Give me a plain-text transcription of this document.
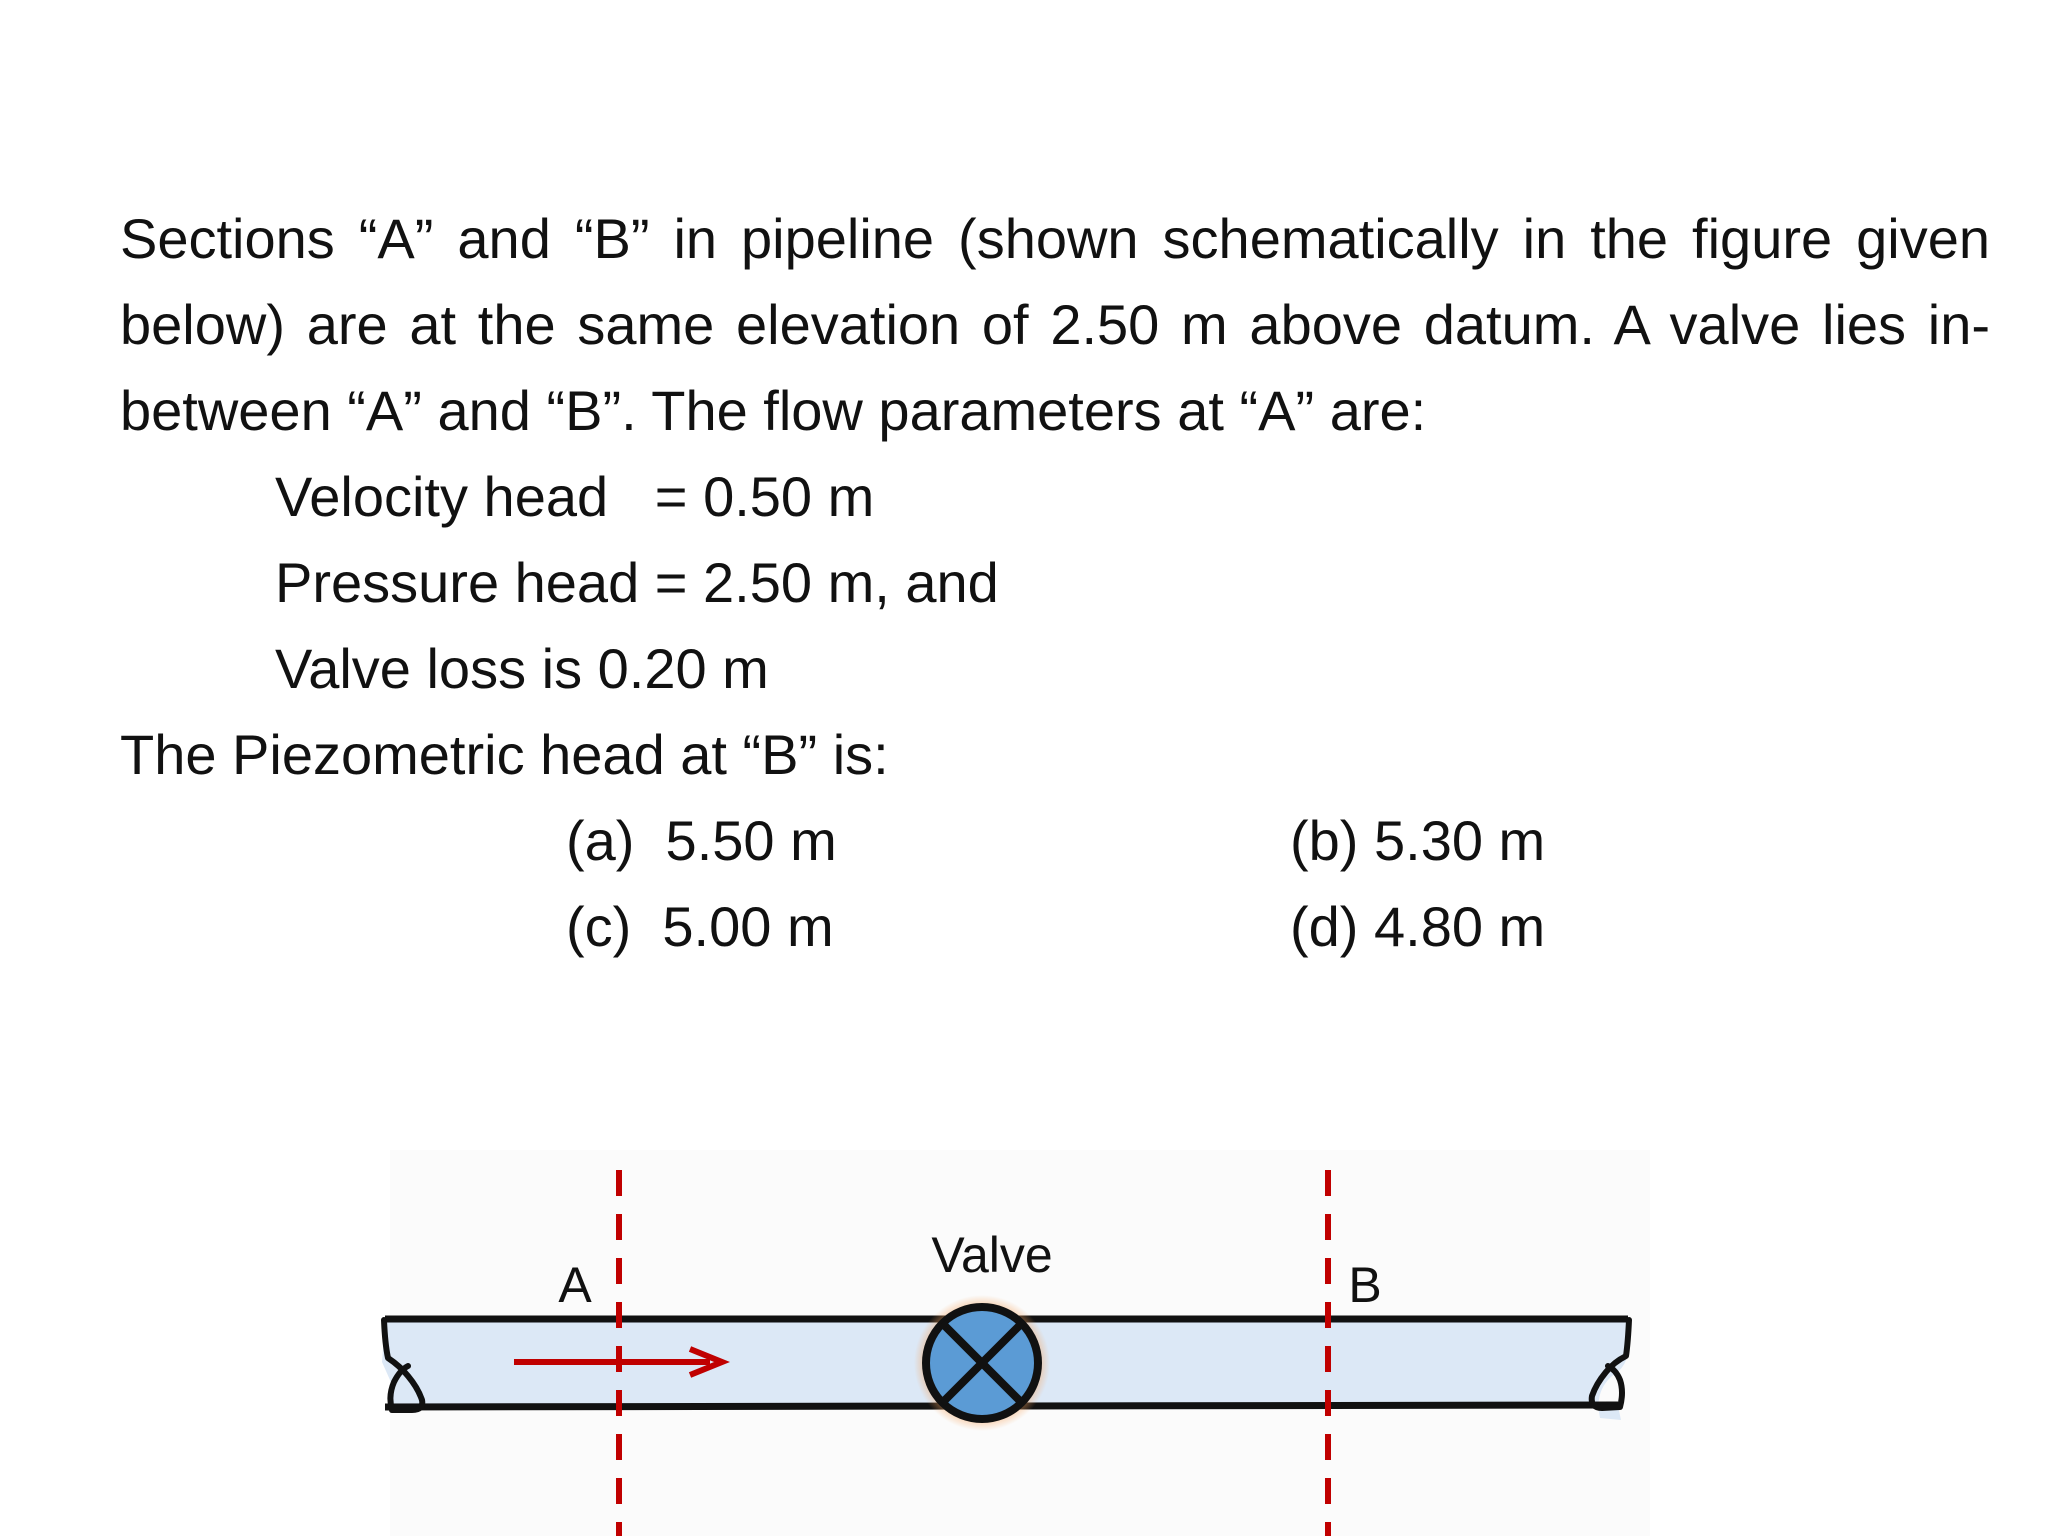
Sections “A” and “B” in pipeline (shown schematically in the figure given below) are at the same elevation of 2.50 m above datum. A valve lies in-between “A” and “B”. The flow parameters at “A” are:
Velocity head   = 0.50 m
Pressure head = 2.50 m, and
Valve loss is 0.20 m
The Piezometric head at “B” is:
(a)  5.50 m	(b) 5.30 m
(c)  5.00 m	(d) 4.80 m
A	B
Valve
